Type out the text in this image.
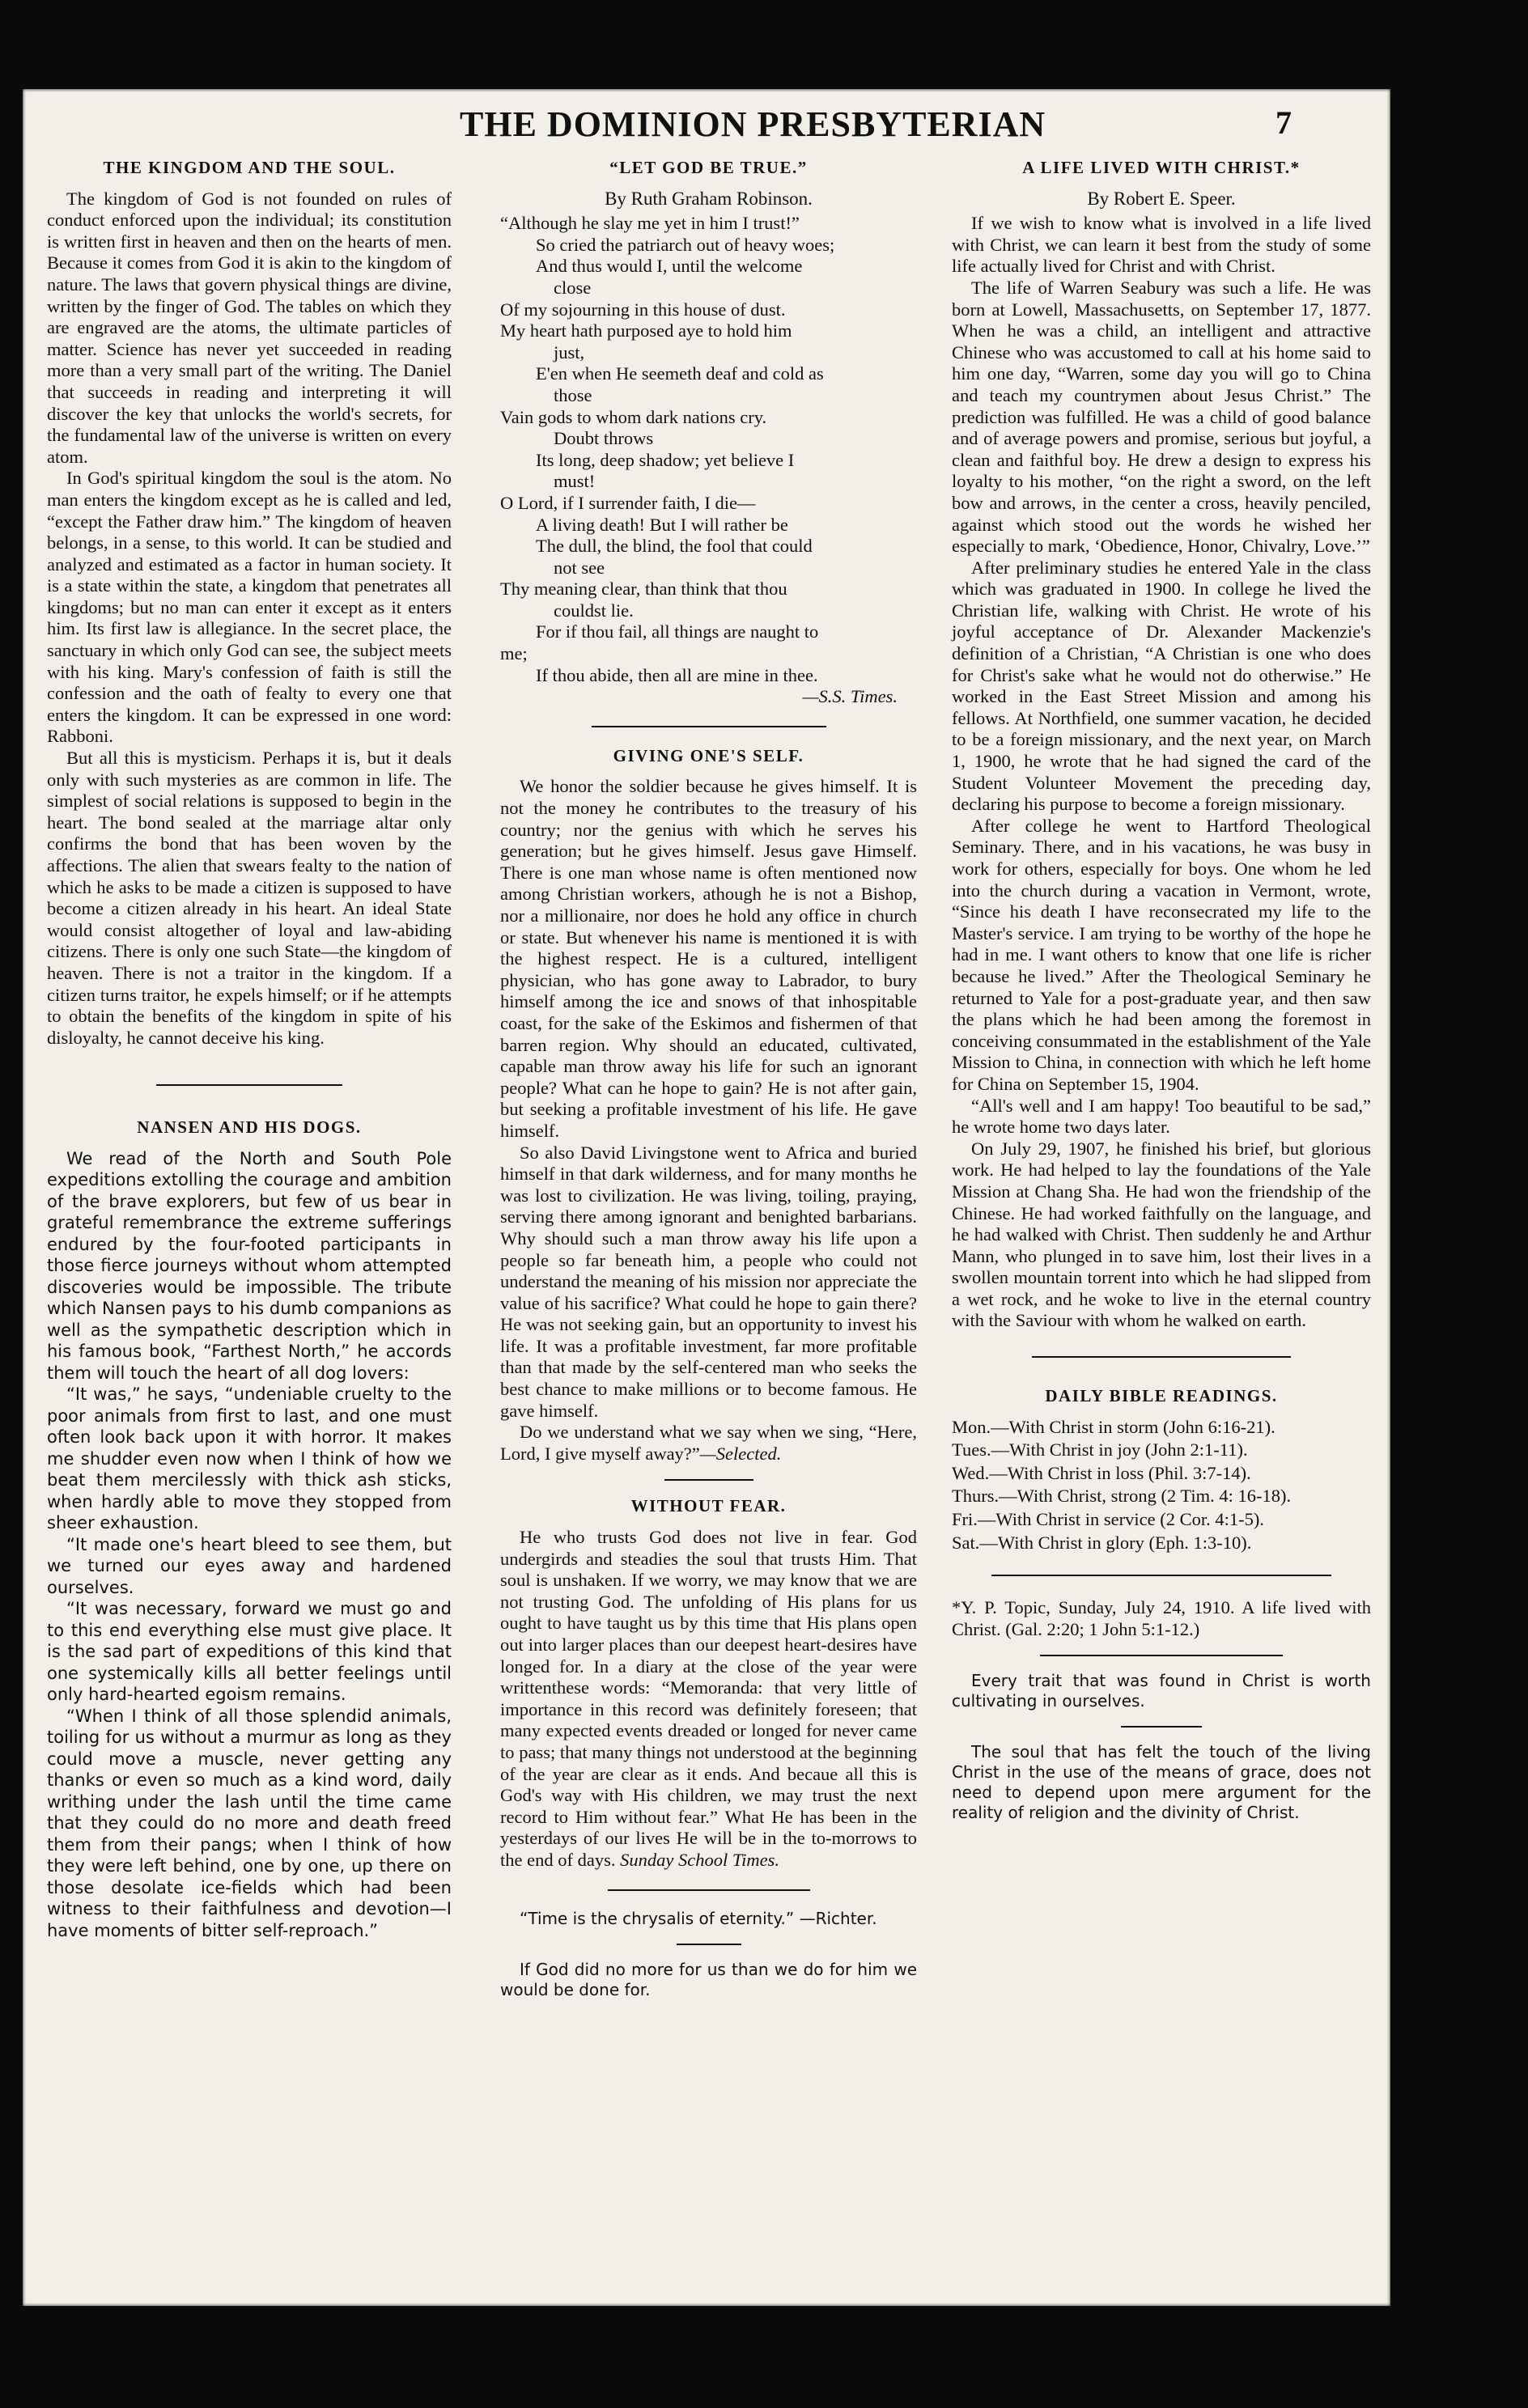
THE DOMINION PRESBYTERIAN	7
THE KINGDOM AND THE SOUL.

The kingdom of God is not founded on rules of conduct enforced upon the individual; its constitution is written first in heaven and then on the hearts of men. Because it comes from God it is akin to the kingdom of nature. The laws that govern physical things are divine, written by the finger of God. The tables on which they are engraved are the atoms, the ultimate particles of matter. Science has never yet succeeded in reading more than a very small part of the writing. The Daniel that succeeds in reading and interpreting it will discover the key that unlocks the world's secrets, for the fundamental law of the universe is written on every atom.

In God's spiritual kingdom the soul is the atom. No man enters the kingdom except as he is called and led, “except the Father draw him.” The kingdom of heaven belongs, in a sense, to this world. It can be studied and analyzed and estimated as a factor in human society. It is a state within the state, a kingdom that penetrates all kingdoms; but no man can enter it except as it enters him. Its first law is allegiance. In the secret place, the sanctuary in which only God can see, the subject meets with his king. Mary's confession of faith is still the confession and the oath of fealty to every one that enters the kingdom. It can be expressed in one word: Rabboni.

But all this is mysticism. Perhaps it is, but it deals only with such mysteries as are common in life. The simplest of social relations is supposed to begin in the heart. The bond sealed at the marriage altar only confirms the bond that has been woven by the affections. The alien that swears fealty to the nation of which he asks to be made a citizen is supposed to have become a citizen already in his heart. An ideal State would consist altogether of loyal and law-abiding citizens. There is only one such State—the kingdom of heaven. There is not a traitor in the kingdom. If a citizen turns traitor, he expels himself; or if he attempts to obtain the benefits of the kingdom in spite of his disloyalty, he cannot deceive his king.

NANSEN AND HIS DOGS.

We read of the North and South Pole expeditions extolling the courage and ambition of the brave explorers, but few of us bear in grateful remembrance the extreme sufferings endured by the four-footed participants in those fierce journeys without whom attempted discoveries would be impossible. The tribute which Nansen pays to his dumb companions as well as the sympathetic description which in his famous book, “Farthest North,” he accords them will touch the heart of all dog lovers:

“It was,” he says, “undeniable cruelty to the poor animals from first to last, and one must often look back upon it with horror. It makes me shudder even now when I think of how we beat them mercilessly with thick ash sticks, when hardly able to move they stopped from sheer exhaustion.

“It made one's heart bleed to see them, but we turned our eyes away and hardened ourselves.

“It was necessary, forward we must go and to this end everything else must give place. It is the sad part of expeditions of this kind that one systemically kills all better feelings until only hard-hearted egoism remains.

“When I think of all those splendid animals, toiling for us without a murmur as long as they could move a muscle, never getting any thanks or even so much as a kind word, daily writhing under the lash until the time came that they could do no more and death freed them from their pangs; when I think of how they were left behind, one by one, up there on those desolate ice-fields which had been witness to their faithfulness and devotion—I have moments of bitter self-reproach.”

“LET GOD BE TRUE.”
By Ruth Graham Robinson.
“Although he slay me yet in him I trust!”
So cried the patriarch out of heavy woes;
And thus would I, until the welcome
close
Of my sojourning in this house of dust.
My heart hath purposed aye to hold him
just,
E'en when He seemeth deaf and cold as
those
Vain gods to whom dark nations cry.
Doubt throws
Its long, deep shadow; yet believe I
must!
O Lord, if I surrender faith, I die—
A living death! But I will rather be
The dull, the blind, the fool that could
not see
Thy meaning clear, than think that thou
couldst lie.
For if thou fail, all things are naught to
me;
If thou abide, then all are mine in thee.
—S.S. Times.
GIVING ONE'S SELF.

We honor the soldier because he gives himself. It is not the money he contributes to the treasury of his country; nor the genius with which he serves his generation; but he gives himself. Jesus gave Himself. There is one man whose name is often mentioned now among Christian workers, athough he is not a Bishop, nor a millionaire, nor does he hold any office in church or state. But whenever his name is mentioned it is with the highest respect. He is a cultured, intelligent physician, who has gone away to Labrador, to bury himself among the ice and snows of that inhospitable coast, for the sake of the Eskimos and fishermen of that barren region. Why should an educated, cultivated, capable man throw away his life for such an ignorant people? What can he hope to gain? He is not after gain, but seeking a profitable investment of his life. He gave himself.

So also David Livingstone went to Africa and buried himself in that dark wilderness, and for many months he was lost to civilization. He was living, toiling, praying, serving there among ignorant and benighted barbarians. Why should such a man throw away his life upon a people so far beneath him, a people who could not understand the meaning of his mission nor appreciate the value of his sacrifice? What could he hope to gain there? He was not seeking gain, but an opportunity to invest his life. It was a profitable investment, far more profitable than that made by the self-centered man who seeks the best chance to make millions or to become famous. He gave himself.

Do we understand what we say when we sing, “Here, Lord, I give myself away?”—Selected.

WITHOUT FEAR.

He who trusts God does not live in fear. God undergirds and steadies the soul that trusts Him. That soul is unshaken. If we worry, we may know that we are not trusting God. The unfolding of His plans for us ought to have taught us by this time that His plans open out into larger places than our deepest heart-desires have longed for. In a diary at the close of the year were writtenthese words: “Memoranda: that very little of importance in this record was definitely foreseen; that many expected events dreaded or longed for never came to pass; that many things not understood at the beginning of the year are clear as it ends. And becaue all this is God's way with His children, we may trust the next record to Him without fear.” What He has been in the yesterdays of our lives He will be in the to-morrows to the end of days. Sunday School Times.

“Time is the chrysalis of eternity.” —Richter.

If God did no more for us than we do for him we would be done for.

A LIFE LIVED WITH CHRIST.*
By Robert E. Speer.

If we wish to know what is involved in a life lived with Christ, we can learn it best from the study of some life actually lived for Christ and with Christ.

The life of Warren Seabury was such a life. He was born at Lowell, Massachusetts, on September 17, 1877. When he was a child, an intelligent and attractive Chinese who was accustomed to call at his home said to him one day, “Warren, some day you will go to China and teach my countrymen about Jesus Christ.” The prediction was fulfilled. He was a child of good balance and of average powers and promise, serious but joyful, a clean and faithful boy. He drew a design to express his loyalty to his mother, “on the right a sword, on the left bow and arrows, in the center a cross, heavily penciled, against which stood out the words he wished her especially to mark, ‘Obedience, Honor, Chivalry, Love.’”

After preliminary studies he entered Yale in the class which was graduated in 1900. In college he lived the Christian life, walking with Christ. He wrote of his joyful acceptance of Dr. Alexander Mackenzie's definition of a Christian, “A Christian is one who does for Christ's sake what he would not do otherwise.” He worked in the East Street Mission and among his fellows. At Northfield, one summer vacation, he decided to be a foreign missionary, and the next year, on March 1, 1900, he wrote that he had signed the card of the Student Volunteer Movement the preceding day, declaring his purpose to become a foreign missionary.

After college he went to Hartford Theological Seminary. There, and in his vacations, he was busy in work for others, especially for boys. One whom he led into the church during a vacation in Vermont, wrote, “Since his death I have reconsecrated my life to the Master's service. I am trying to be worthy of the hope he had in me. I want others to know that one life is richer because he lived.” After the Theological Seminary he returned to Yale for a post-graduate year, and then saw the plans which he had been among the foremost in conceiving consummated in the establishment of the Yale Mission to China, in connection with which he left home for China on September 15, 1904.

“All's well and I am happy! Too beautiful to be sad,” he wrote home two days later.

On July 29, 1907, he finished his brief, but glorious work. He had helped to lay the foundations of the Yale Mission at Chang Sha. He had won the friendship of the Chinese. He had worked faithfully on the language, and he had walked with Christ. Then suddenly he and Arthur Mann, who plunged in to save him, lost their lives in a swollen mountain torrent into which he had slipped from a wet rock, and he woke to live in the eternal country with the Saviour with whom he walked on earth.

DAILY BIBLE READINGS.
Mon.—With Christ in storm (John 6:16-21).
Tues.—With Christ in joy (John 2:1-11).
Wed.—With Christ in loss (Phil. 3:7-14).
Thurs.—With Christ, strong (2 Tim. 4: 16-18).
Fri.—With Christ in service (2 Cor. 4:1-5).
Sat.—With Christ in glory (Eph. 1:3-10).

*Y. P. Topic, Sunday, July 24, 1910. A life lived with Christ. (Gal. 2:20; 1 John 5:1-12.)

Every trait that was found in Christ is worth cultivating in ourselves.

The soul that has felt the touch of the living Christ in the use of the means of grace, does not need to depend upon mere argument for the reality of religion and the divinity of Christ.
